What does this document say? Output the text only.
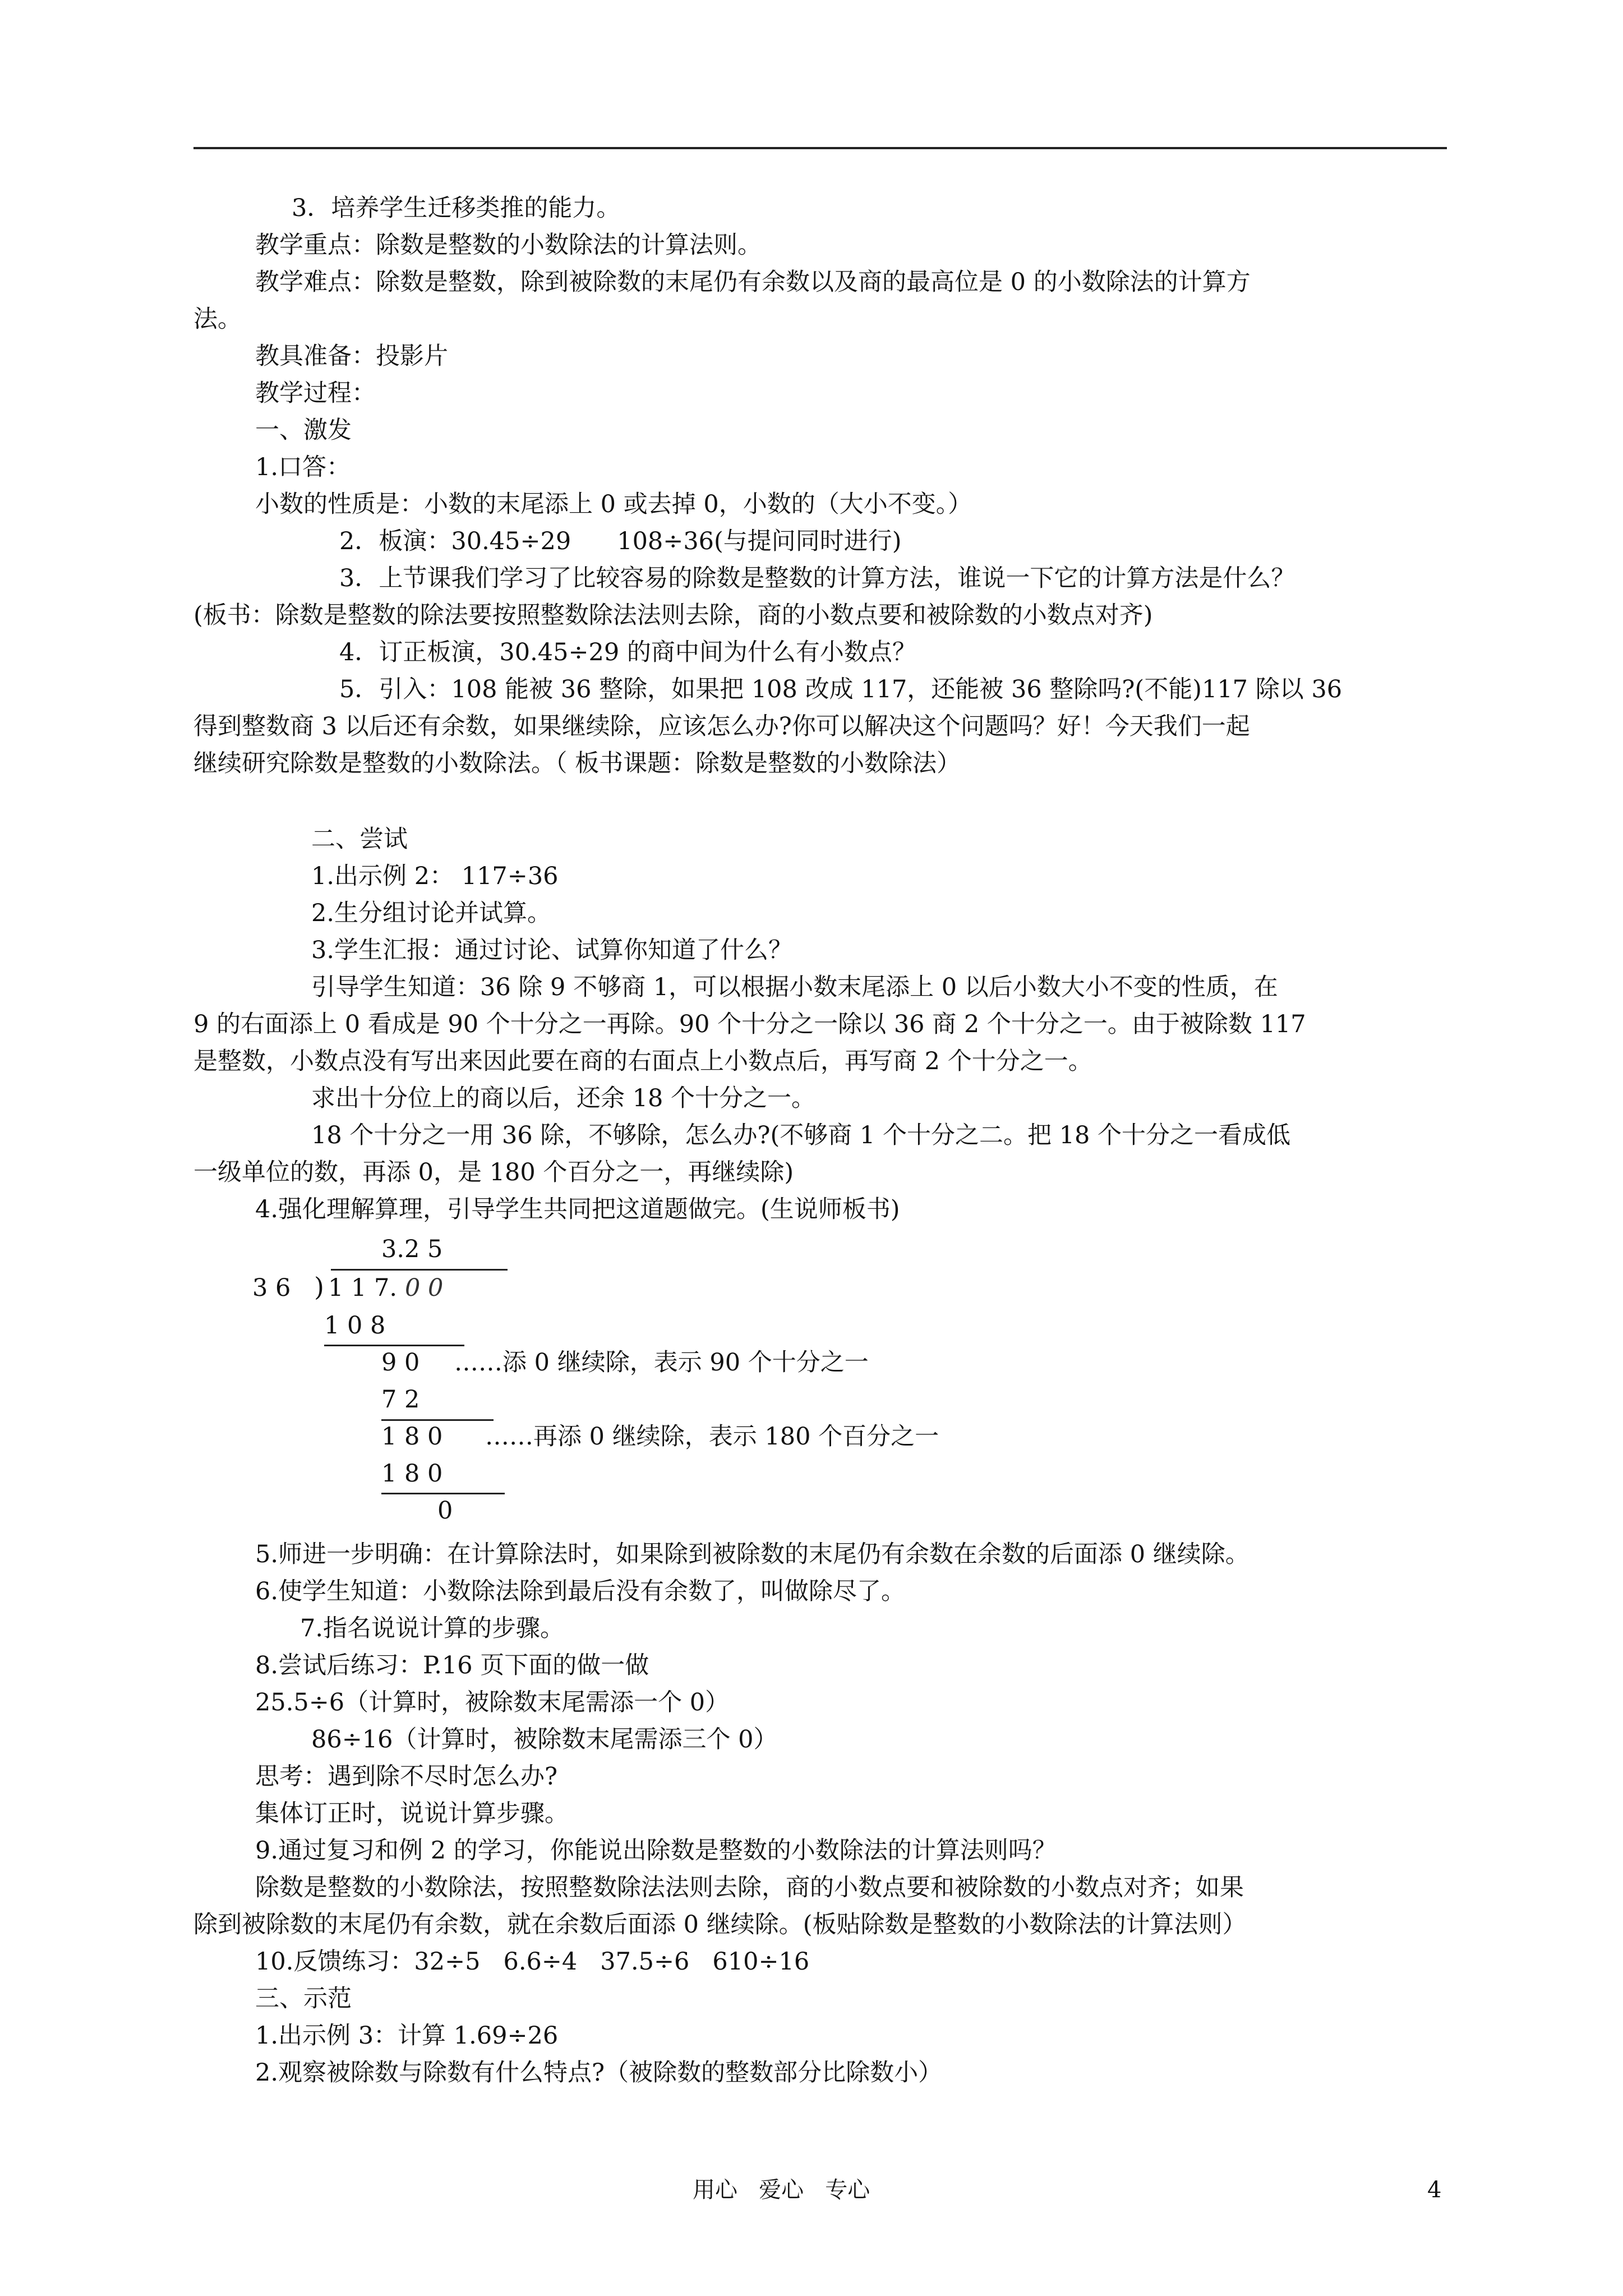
3．培养学生迁移类推的能力。
教学重点：除数是整数的小数除法的计算法则。
教学难点：除数是整数，除到被除数的末尾仍有余数以及商的最高位是 0 的小数除法的计算方
法。
教具准备：投影片
教学过程：
一、激发
1.口答：
小数的性质是：小数的末尾添上 0 或去掉 0，小数的（大小不变。）
2．板演：30.45÷29      108÷36(与提问同时进行)
3．上节课我们学习了比较容易的除数是整数的计算方法，谁说一下它的计算方法是什么？
(板书：除数是整数的除法要按照整数除法法则去除，商的小数点要和被除数的小数点对齐)
4．订正板演，30.45÷29 的商中间为什么有小数点？
5．引入：108 能被 36 整除，如果把 108 改成 117，还能被 36 整除吗?(不能)117 除以 36
得到整数商 3 以后还有余数，如果继续除，应该怎么办?你可以解决这个问题吗？好！今天我们一起
继续研究除数是整数的小数除法。（ 板书课题：除数是整数的小数除法）
二、尝试
1.出示例 2： 117÷36
2.生分组讨论并试算。
3.学生汇报：通过讨论、试算你知道了什么？
引导学生知道：36 除 9 不够商 1，可以根据小数末尾添上 0 以后小数大小不变的性质，在
9 的右面添上 0 看成是 90 个十分之一再除。90 个十分之一除以 36 商 2 个十分之一。由于被除数 117
是整数，小数点没有写出来因此要在商的右面点上小数点后，再写商 2 个十分之一。
求出十分位上的商以后，还余 18 个十分之一。
18 个十分之一用 36 除，不够除，怎么办?(不够商 1 个十分之二。把 18 个十分之一看成低
一级单位的数，再添 0，是 180 个百分之一，再继续除)
4.强化理解算理，引导学生共同把这道题做完。(生说师板书)
3.2 5
3 6 ) 1 1 7. 0 0
1 0 8
9 0 ……添 0 继续除，表示 90 个十分之一
7 2
1 8 0 ……再添 0 继续除，表示 180 个百分之一
1 8 0
0
5.师进一步明确：在计算除法时，如果除到被除数的末尾仍有余数在余数的后面添 0 继续除。
6.使学生知道：小数除法除到最后没有余数了，叫做除尽了。
7.指名说说计算的步骤。
8.尝试后练习：P.16 页下面的做一做
25.5÷6（计算时，被除数末尾需添一个 0）
86÷16（计算时，被除数末尾需添三个 0）
思考：遇到除不尽时怎么办?
集体订正时，说说计算步骤。
9.通过复习和例 2 的学习，你能说出除数是整数的小数除法的计算法则吗？
除数是整数的小数除法，按照整数除法法则去除，商的小数点要和被除数的小数点对齐；如果
除到被除数的末尾仍有余数，就在余数后面添 0 继续除。(板贴除数是整数的小数除法的计算法则）
10.反馈练习：32÷5   6.6÷4   37.5÷6   610÷16
三、示范
1.出示例 3：计算 1.69÷26
2.观察被除数与除数有什么特点?（被除数的整数部分比除数小）
用心   爱心   专心	4
